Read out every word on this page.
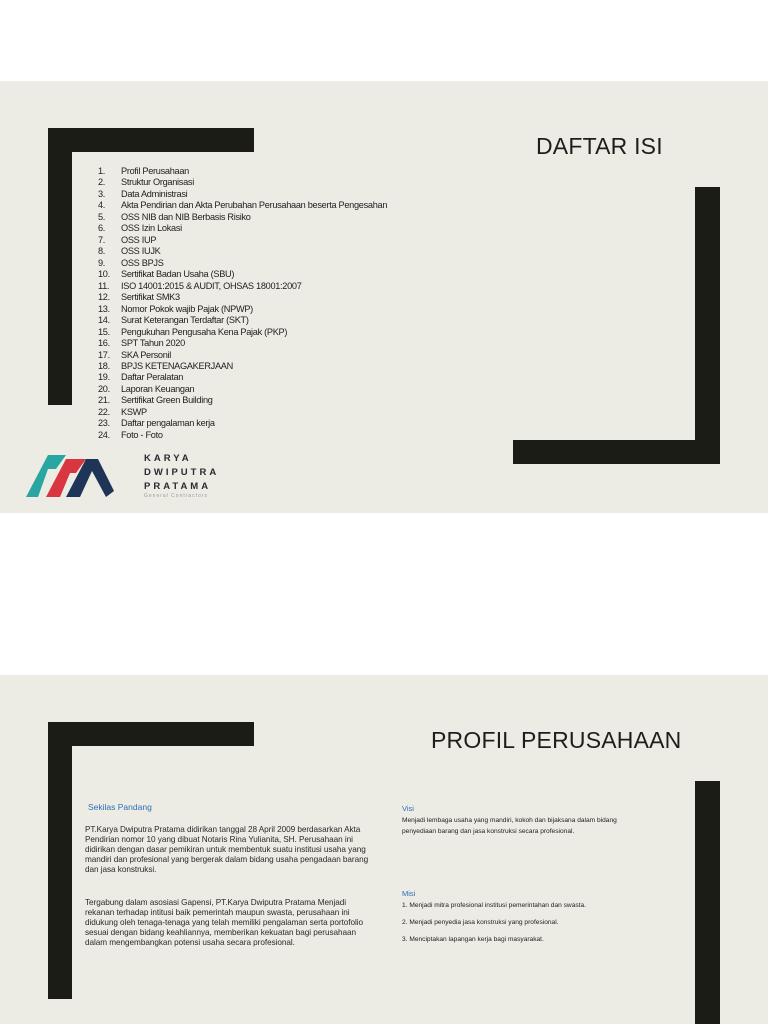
DAFTAR ISI
1.	Profil Perusahaan
2.	Struktur Organisasi
3.	Data Administrasi
4.	Akta Pendirian dan Akta Perubahan Perusahaan beserta Pengesahan
5.	OSS NIB dan NIB Berbasis Risiko
6.	OSS Izin Lokasi
7.	OSS IUP
8.	OSS IUJK
9.	OSS BPJS
10.	Sertifikat Badan Usaha (SBU)
11.	ISO 14001:2015 & AUDIT, OHSAS 18001:2007
12.	Sertifikat SMK3
13.	Nomor Pokok wajib Pajak (NPWP)
14.	Surat Keterangan Terdaftar (SKT)
15.	Pengukuhan Pengusaha Kena Pajak (PKP)
16.	SPT Tahun 2020
17.	SKA Personil
18.	BPJS KETENAGAKERJAAN
19.	Daftar Peralatan
20.	Laporan Keuangan
21.	Sertifikat Green Building
22.	KSWP
23.	Daftar pengalaman kerja
24.	Foto - Foto
KARYA
DWIPUTRA
PRATAMA
General Contractors
PROFIL PERUSAHAAN
Sekilas Pandang
PT.Karya Dwiputra Pratama didirikan tanggal 28 April 2009 berdasarkan Akta Pendirian nomor 10 yang dibuat Notaris Rina Yulianita, SH. Perusahaan ini didirikan dengan dasar pemikiran untuk membentuk suatu institusi usaha yang mandiri dan profesional yang bergerak dalam bidang usaha pengadaan barang dan jasa konstruksi.
Tergabung dalam asosiasi Gapensi, PT.Karya Dwiputra Pratama Menjadi rekanan terhadap intitusi baik pemerintah maupun swasta, perusahaan ini didukung oleh tenaga-tenaga yang telah memiliki pengalaman serta portofolio sesuai dengan bidang keahliannya, memberikan kekuatan bagi perusahaan dalam mengembangkan potensi usaha secara profesional.
Visi
Menjadi lembaga usaha yang mandiri, kokoh dan bijaksana dalam bidang
penyediaan barang dan jasa konstruksi secara profesional.
Misi
1. Menjadi mitra profesional institusi pemerintahan dan swasta.
2. Menjadi penyedia jasa konstruksi yang profesional.
3. Menciptakan lapangan kerja bagi masyarakat.
